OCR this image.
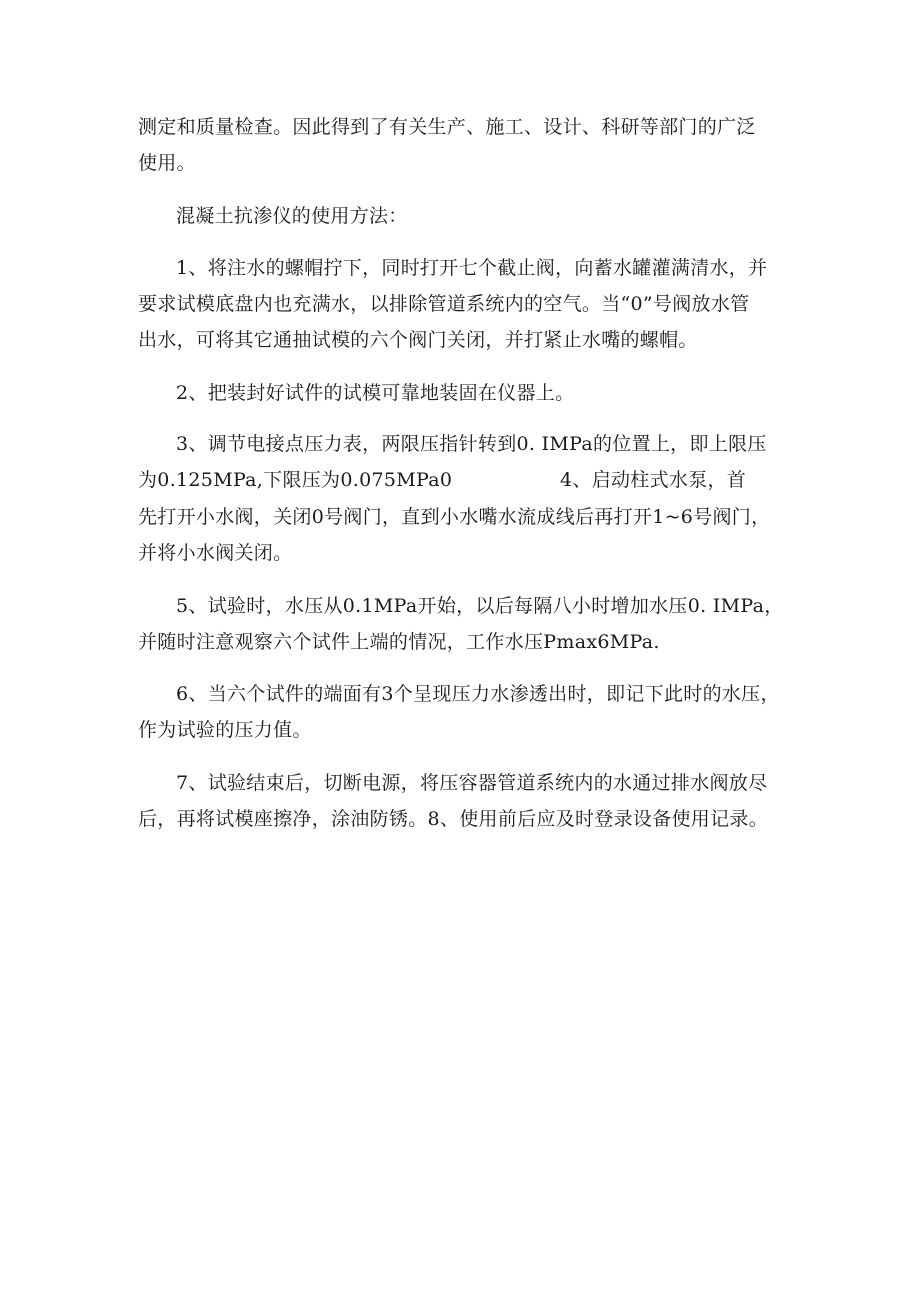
测定和质量检查。因此得到了有关生产、施工、设计、科研等部门的广泛
使用。
混凝土抗渗仪的使用方法：
1、将注水的螺帽拧下，同时打开七个截止阀，向蓄水罐灌满清水，并
要求试模底盘内也充满水，以排除管道系统内的空气。当“0”号阀放水管
出水，可将其它通抽试模的六个阀门关闭，并打紧止水嘴的螺帽。
2、把装封好试件的试模可靠地装固在仪器上。
3、调节电接点压力表，两限压指针转到0. IMPa的位置上，即上限压
为0.125MPa,下限压为0.075MPa0	4、启动柱式水泵，首
先打开小水阀，关闭0号阀门，直到小水嘴水流成线后再打开1~6号阀门，
并将小水阀关闭。
5、试验时，水压从0.1MPa开始，以后每隔八小时增加水压0. IMPa，
并随时注意观察六个试件上端的情况，工作水压Pmax6MPa.
6、当六个试件的端面有3个呈现压力水渗透出时，即记下此时的水压，
作为试验的压力值。
7、试验结束后，切断电源，将压容器管道系统内的水通过排水阀放尽
后，再将试模座擦净，涂油防锈。8、使用前后应及时登录设备使用记录。
